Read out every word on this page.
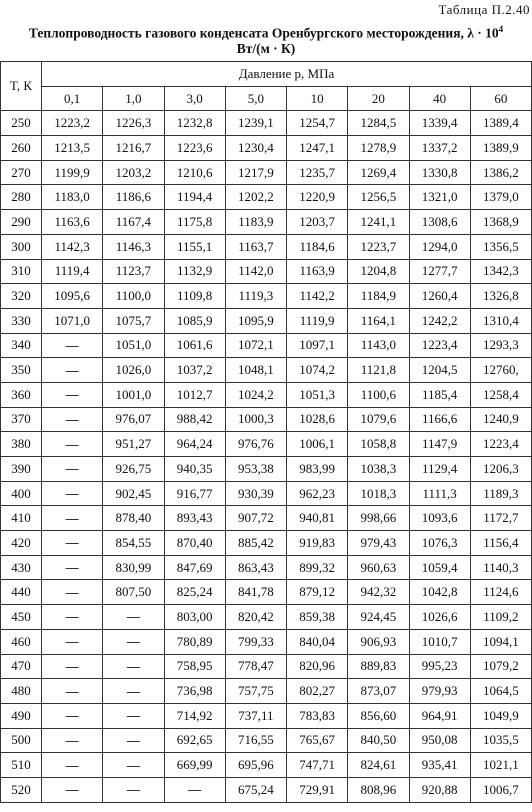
Таблица П.2.40
Теплопроводность газового конденсата Оренбургского месторождения, $\lambda \cdot 10^4$
Вт/(м · К)
T, К	Давление p, МПа							
	0,1	1,0	3,0	5,0	10	20	40	60
250	1223,2	1226,3	1232,8	1239,1	1254,7	1284,5	1339,4	1389,4
260	1213,5	1216,7	1223,6	1230,4	1247,1	1278,9	1337,2	1389,9
270	1199,9	1203,2	1210,6	1217,9	1235,7	1269,4	1330,8	1386,2
280	1183,0	1186,6	1194,4	1202,2	1220,9	1256,5	1321,0	1379,0
290	1163,6	1167,4	1175,8	1183,9	1203,7	1241,1	1308,6	1368,9
300	1142,3	1146,3	1155,1	1163,7	1184,6	1223,7	1294,0	1356,5
310	1119,4	1123,7	1132,9	1142,0	1163,9	1204,8	1277,7	1342,3
320	1095,6	1100,0	1109,8	1119,3	1142,2	1184,9	1260,4	1326,8
330	1071,0	1075,7	1085,9	1095,9	1119,9	1164,1	1242,2	1310,4
340	—	1051,0	1061,6	1072,1	1097,1	1143,0	1223,4	1293,3
350	—	1026,0	1037,2	1048,1	1074,2	1121,8	1204,5	12760,
360	—	1001,0	1012,7	1024,2	1051,3	1100,6	1185,4	1258,4
370	—	976,07	988,42	1000,3	1028,6	1079,6	1166,6	1240,9
380	—	951,27	964,24	976,76	1006,1	1058,8	1147,9	1223,4
390	—	926,75	940,35	953,38	983,99	1038,3	1129,4	1206,3
400	—	902,45	916,77	930,39	962,23	1018,3	1111,3	1189,3
410	—	878,40	893,43	907,72	940,81	998,66	1093,6	1172,7
420	—	854,55	870,40	885,42	919,83	979,43	1076,3	1156,4
430	—	830,99	847,69	863,43	899,32	960,63	1059,4	1140,3
440	—	807,50	825,24	841,78	879,12	942,32	1042,8	1124,6
450	—	—	803,00	820,42	859,38	924,45	1026,6	1109,2
460	—	—	780,89	799,33	840,04	906,93	1010,7	1094,1
470	—	—	758,95	778,47	820,96	889,83	995,23	1079,2
480	—	—	736,98	757,75	802,27	873,07	979,93	1064,5
490	—	—	714,92	737,11	783,83	856,60	964,91	1049,9
500	—	—	692,65	716,55	765,67	840,50	950,08	1035,5
510	—	—	669,99	695,96	747,71	824,61	935,41	1021,1
520	—	—	—	675,24	729,91	808,96	920,88	1006,7
